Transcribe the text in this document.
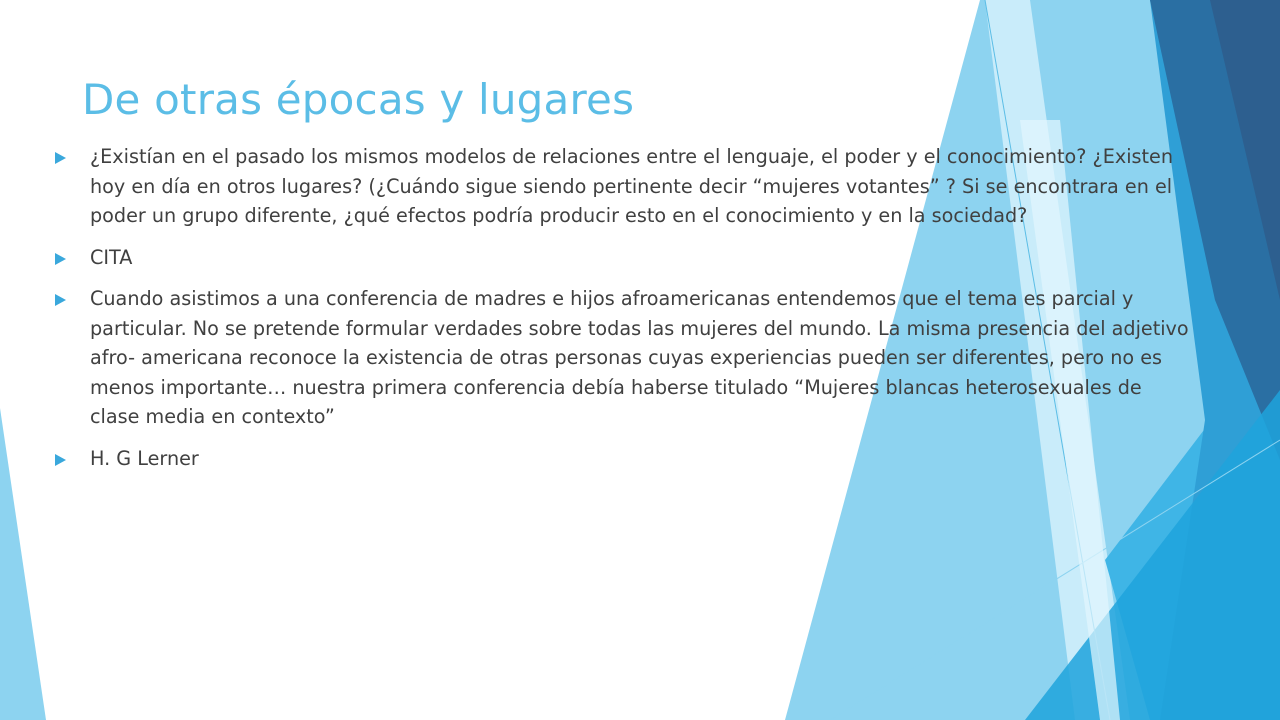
De otras épocas y lugares
¿Existían en el pasado los mismos modelos de relaciones entre el lenguaje, el poder y el conocimiento? ¿Existen hoy en día en otros lugares? (¿Cuándo sigue siendo pertinente decir “mujeres votantes” ? Si se encontrara en el poder un grupo diferente, ¿qué efectos podría producir esto en el conocimiento y en la sociedad?
CITA
Cuando asistimos a una conferencia de madres e hijos afroamericanas entendemos que el tema es parcial y particular. No se pretende formular verdades sobre todas las mujeres del mundo. La misma presencia del adjetivo afro- americana reconoce la existencia de otras personas cuyas experiencias pueden ser diferentes, pero no es menos importante… nuestra primera conferencia debía haberse titulado “Mujeres blancas heterosexuales de clase media en contexto”
H. G Lerner
